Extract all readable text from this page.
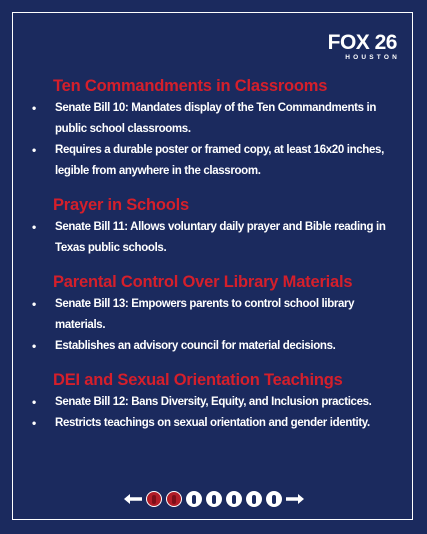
FOX 26
HOUSTON
Ten Commandments in Classrooms
• Senate Bill 10: Mandates display of the Ten Commandments in public school classrooms.
• Requires a durable poster or framed copy, at least 16x20 inches, legible from anywhere in the classroom.
Prayer in Schools
• Senate Bill 11: Allows voluntary daily prayer and Bible reading in Texas public schools.
Parental Control Over Library Materials
• Senate Bill 13: Empowers parents to control school library materials.
• Establishes an advisory council for material decisions.
DEI and Sexual Orientation Teachings
• Senate Bill 12: Bans Diversity, Equity, and Inclusion practices.
• Restricts teachings on sexual orientation and gender identity.
